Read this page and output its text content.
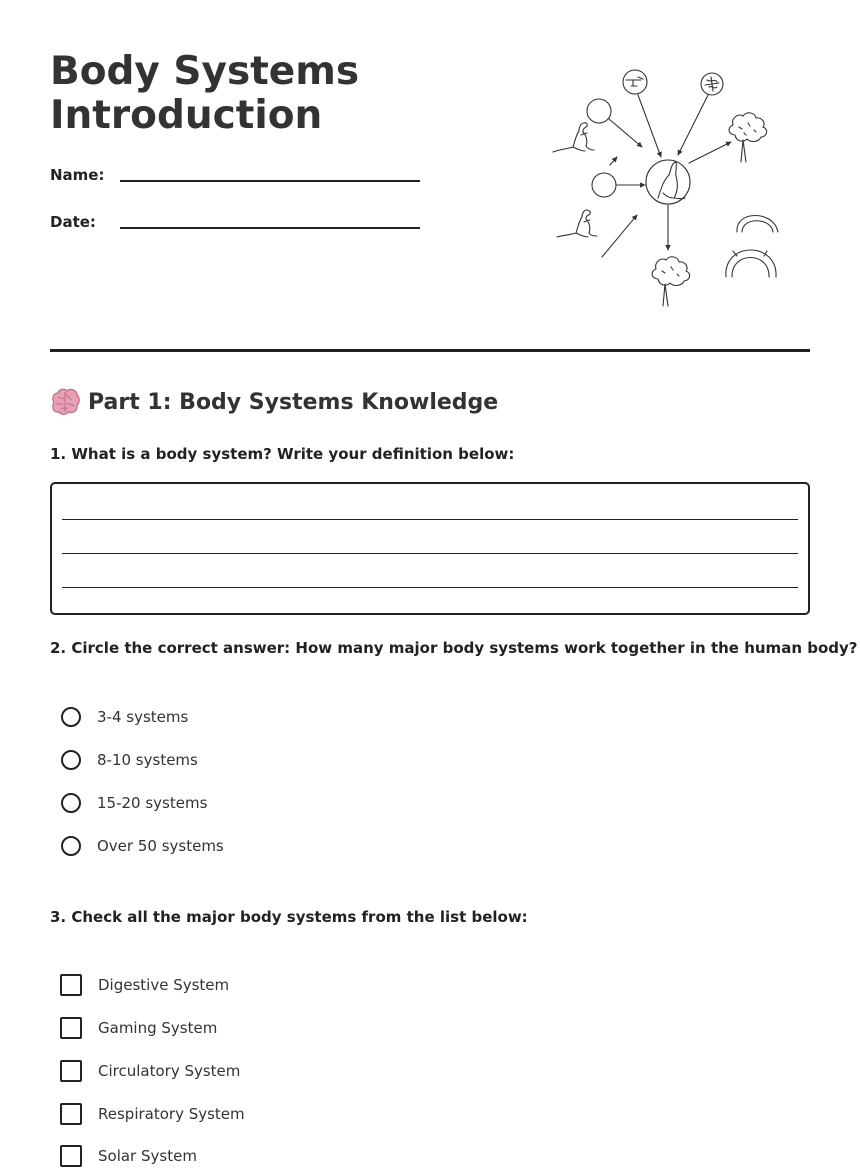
Body Systems
Introduction
Name:
Date:
Part 1: Body Systems Knowledge

1. What is a body system? Write your definition below:

2. Circle the correct answer: How many major body systems work together in the human body?

3-4 systems
8-10 systems
15-20 systems
Over 50 systems

3. Check all the major body systems from the list below:

Digestive System
Gaming System
Circulatory System
Respiratory System
Solar System
